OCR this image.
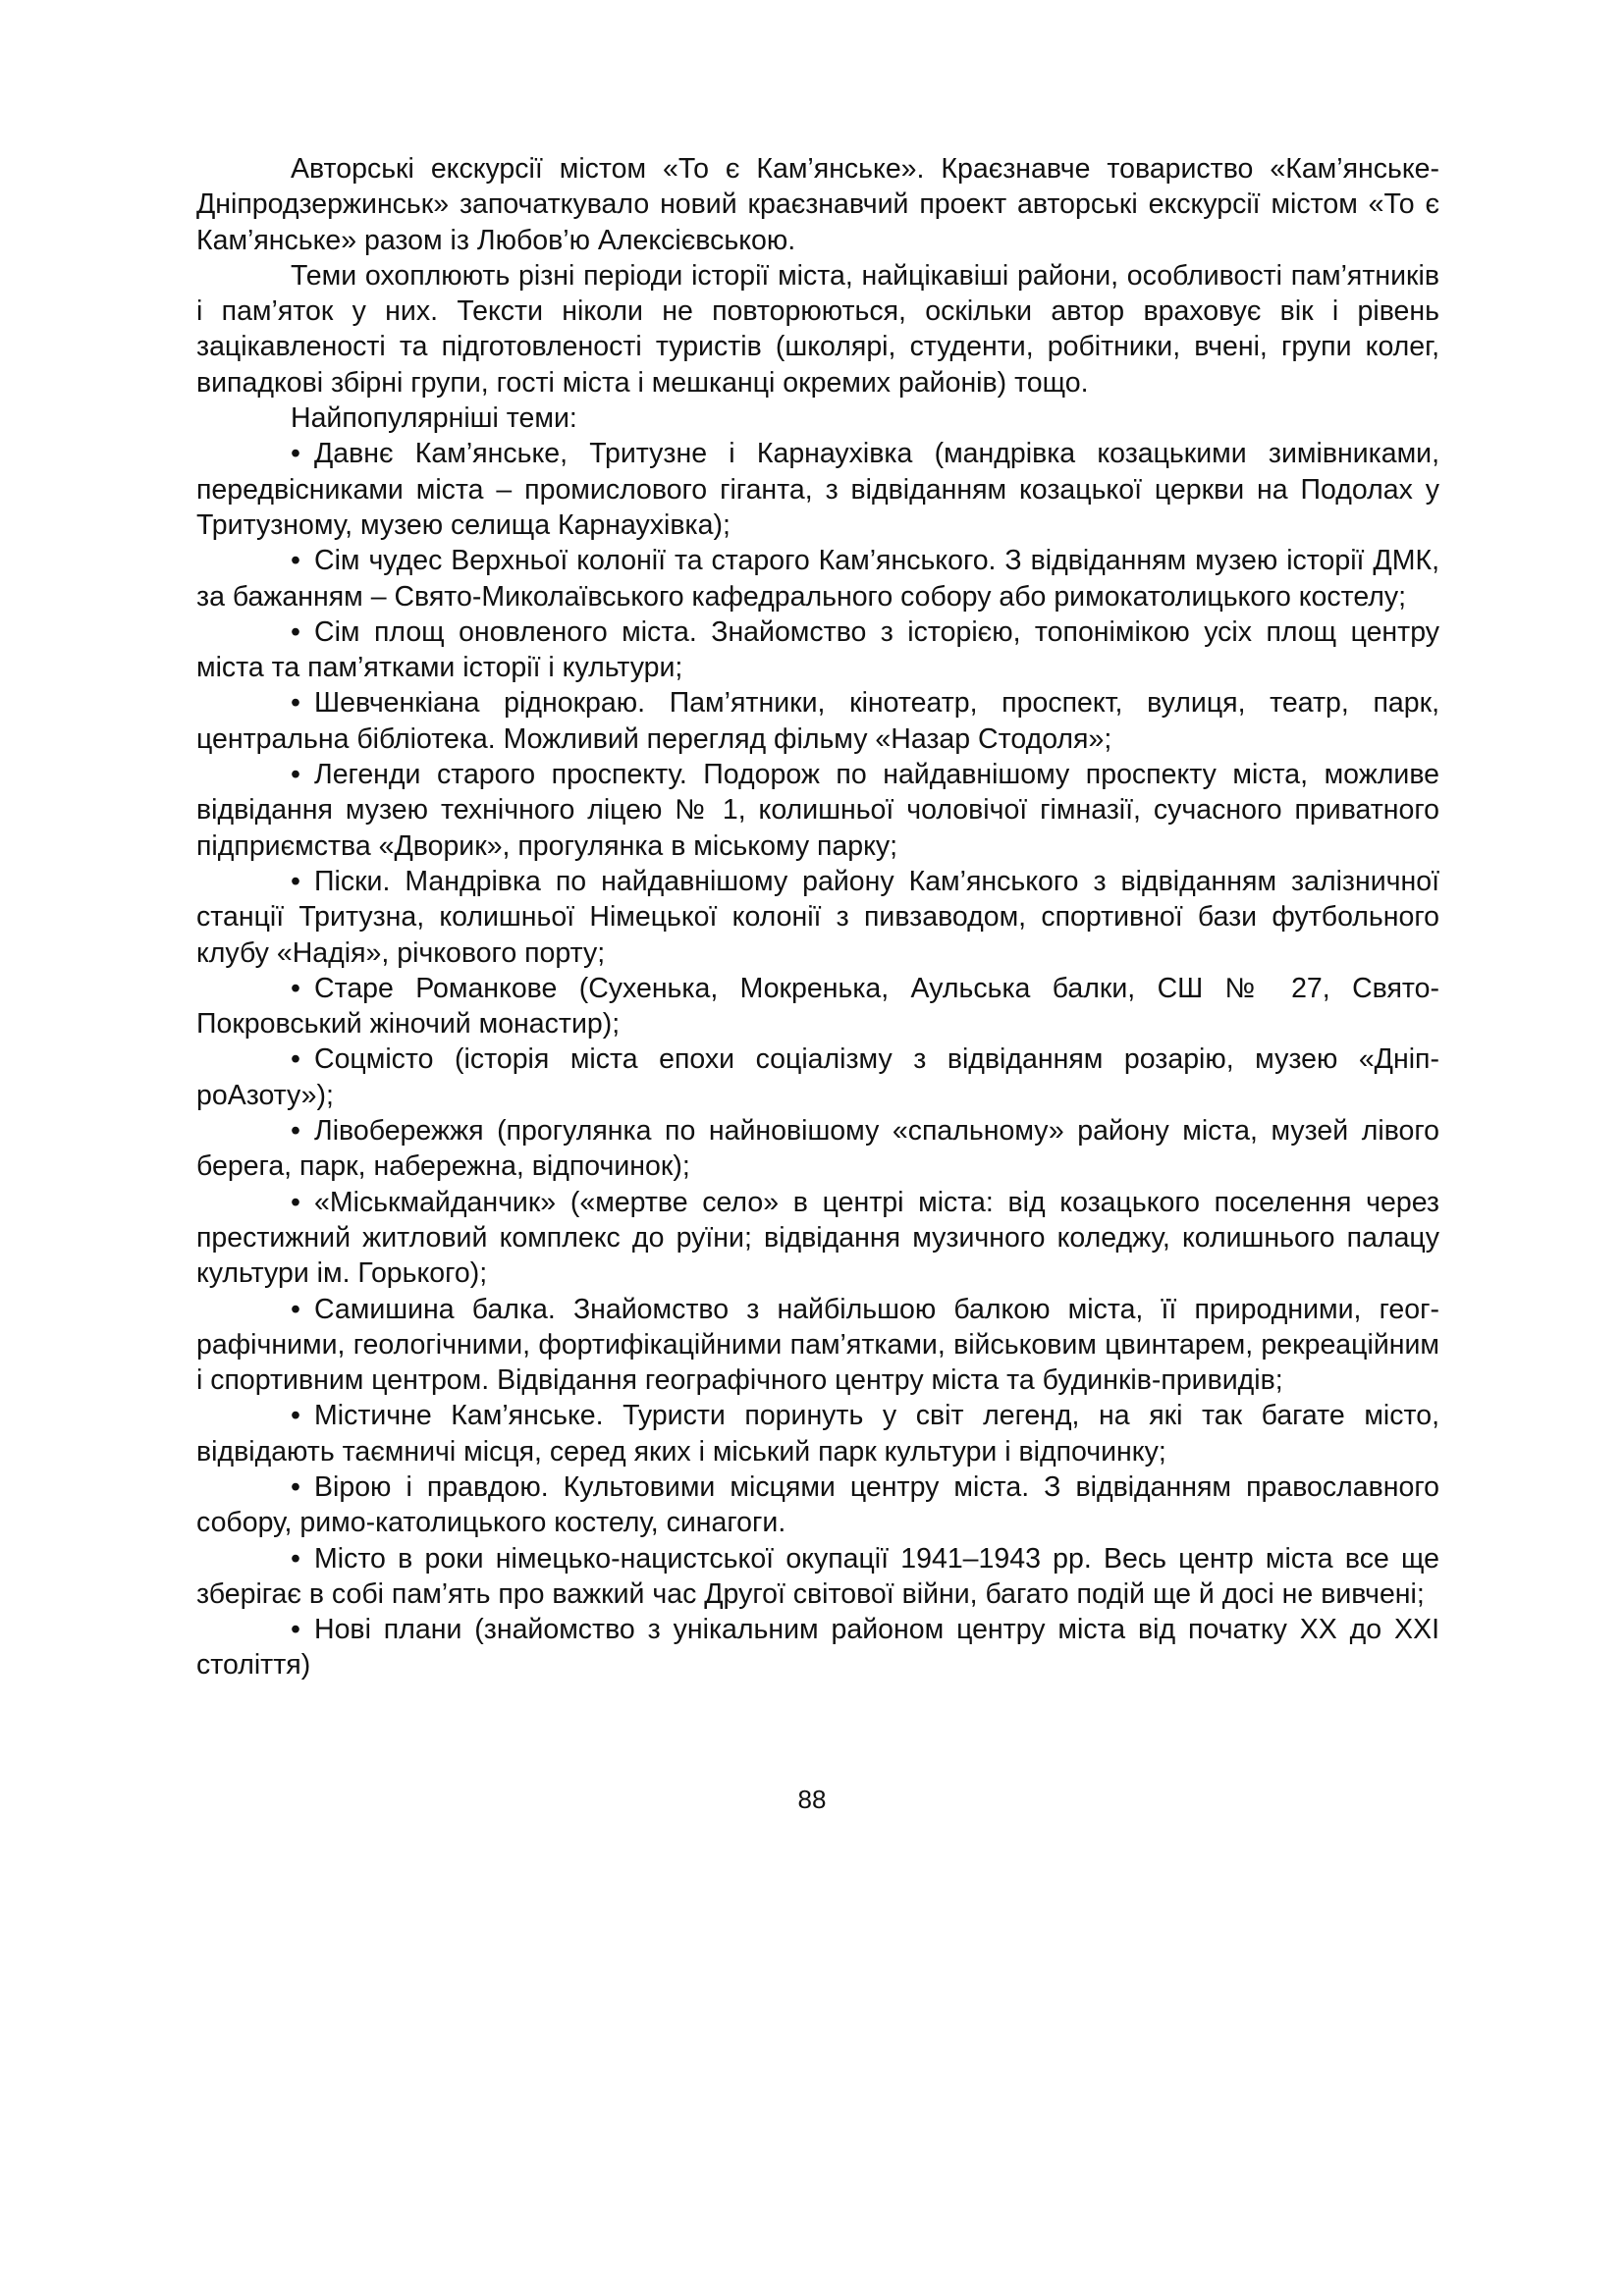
Авторські екскурсії містом «То є Кам’янське». Краєзнавче товариство «Кам’янське-Дніпродзержинськ» започаткувало новий краєзнавчий проект авторські екскурсії містом «То є Кам’янське» разом із Любов’ю Алексієвською.

Теми охоплюють різні періоди історії міста, найцікавіші райони, особливості пам’ятників і пам’яток у них. Тексти ніколи не повторюються, оскільки автор враховує вік і рівень зацікавленості та підготовленості туристів (школярі, студенти, робітники, вчені, групи колег, випадкові збірні групи, гості міста і мешканці окремих районів) тощо.

Найпопулярніші теми:

• Давнє Кам’янське, Тритузне і Карнаухівка (мандрівка козацькими зимівниками, передвісниками міста – промислового гіганта, з відвіданням козацької церкви на Подолах у Тритузному, музею селища Карнаухівка);

• Сім чудес Верхньої колонії та старого Кам’янського. З відвіданням музею історії ДМК, за бажанням – Свято-Миколаївського кафедрального собору або римокатолицького костелу;

• Сім площ оновленого міста. Знайомство з історією, топонімікою усіх площ центру міста та пам’ятками історії і культури;

• Шевченкіана ріднокраю. Пам’ятники, кінотеатр, проспект, вулиця, театр, парк, центральна бібліотека. Можливий перегляд фільму «Назар Стодоля»;

• Легенди старого проспекту. Подорож по найдавнішому проспекту міста, можливе відвідання музею технічного ліцею № 1, колишньої чоловічої гімназії, сучасного приватного підприємства «Дворик», прогулянка в міському парку;

• Піски. Мандрівка по найдавнішому району Кам’янського з відвіданням залізничної станції Тритузна, колишньої Німецької колонії з пивзаводом, спортивної бази футбольного клубу «Надія», річкового порту;

• Старе Романкове (Сухенька, Мокренька, Аульська балки, СШ № 27, Свято-Покровський жіночий монастир);

• Соцмісто (історія міста епохи соціалізму з відвіданням розарію, музею «ДніпроАзоту»);

• Лівобережжя (прогулянка по найновішому «спальному» району міста, музей лівого берега, парк, набережна, відпочинок);

• «Міськмайданчик» («мертве село» в центрі міста: від козацького поселення через престижний житловий комплекс до руїни; відвідання музичного коледжу, колишнього палацу культури ім. Горького);

• Самишина балка. Знайомство з найбільшою балкою міста, її природними, географічними, геологічними, фортифікаційними пам’ятками, військовим цвинтарем, рекреаційним і спортивним центром. Відвідання географічного центру міста та будинків-привидів;

• Містичне Кам’янське. Туристи поринуть у світ легенд, на які так багате місто, відвідають таємничі місця, серед яких і міський парк культури і відпочинку;

• Вірою і правдою. Культовими місцями центру міста. З відвіданням православного собору, римо-католицького костелу, синагоги.

• Місто в роки німецько-нацистської окупації 1941–1943 рр. Весь центр міста все ще зберігає в собі пам’ять про важкий час Другої світової війни, багато подій ще й досі не вивчені;

• Нові плани (знайомство з унікальним районом центру міста від початку ХХ до ХХІ століття)

88
